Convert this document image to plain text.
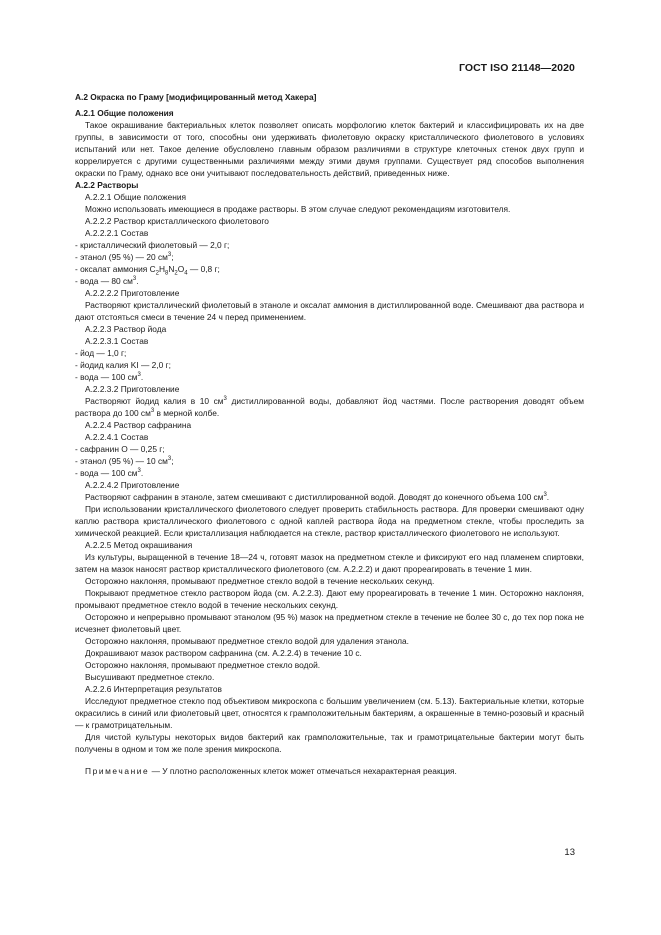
ГОСТ ISO 21148—2020
А.2 Окраска по Граму [модифицированный метод Хакера]
А.2.1 Общие положения

Такое окрашивание бактериальных клеток позволяет описать морфологию клеток бактерий и классифицировать их на две группы, в зависимости от того, способны они удерживать фиолетовую окраску кристаллического фиолетового в условиях испытаний или нет. Такое деление обусловлено главным образом различиями в структуре клеточных стенок двух групп и коррелируется с другими существенными различиями между этими двумя группами. Существует ряд способов выполнения окраски по Граму, однако все они учитывают последовательность действий, приведенных ниже.

А.2.2 Растворы

А.2.2.1 Общие положения

Можно использовать имеющиеся в продаже растворы. В этом случае следуют рекомендациям изготовителя.

А.2.2.2 Раствор кристаллического фиолетового

А.2.2.2.1 Состав

- кристаллический фиолетовый — 2,0 г;

- этанол (95 %) — 20 $см^3$;

- оксалат аммония $С_2Н_8N_2О_4$ — 0,8 г;

- вода — 80 $см^3$.

А.2.2.2.2 Приготовление

Растворяют кристаллический фиолетовый в этаноле и оксалат аммония в дистиллированной воде. Смешивают два раствора и дают отстояться смеси в течение 24 ч перед применением.

А.2.2.3 Раствор йода

А.2.2.3.1 Состав

- йод — 1,0 г;

- йодид калия KI — 2,0 г;

- вода — 100 $см^3$.

А.2.2.3.2 Приготовление

Растворяют йодид калия в 10 $см^3$ дистиллированной воды, добавляют йод частями. После растворения доводят объем раствора до 100 $см^3$ в мерной колбе.

А.2.2.4 Раствор сафранина

А.2.2.4.1 Состав

- сафранин О — 0,25 г;

- этанол (95 %) — 10 $см^3$;

- вода — 100 $см^3$.

А.2.2.4.2 Приготовление

Растворяют сафранин в этаноле, затем смешивают с дистиллированной водой. Доводят до конечного объема 100 $см^3$.

При использовании кристаллического фиолетового следует проверить стабильность раствора. Для проверки смешивают одну каплю раствора кристаллического фиолетового с одной каплей раствора йода на предметном стекле, чтобы проследить за химической реакцией. Если кристаллизация наблюдается на стекле, раствор кристаллического фиолетового не используют.

А.2.2.5 Метод окрашивания

Из культуры, выращенной в течение 18—24 ч, готовят мазок на предметном стекле и фиксируют его над пламенем спиртовки, затем на мазок наносят раствор кристаллического фиолетового (см. А.2.2.2) и дают прореагировать в течение 1 мин.

Осторожно наклоняя, промывают предметное стекло водой в течение нескольких секунд.

Покрывают предметное стекло раствором йода (см. А.2.2.3). Дают ему прореагировать в течение 1 мин. Осторожно наклоняя, промывают предметное стекло водой в течение нескольких секунд.

Осторожно и непрерывно промывают этанолом (95 %) мазок на предметном стекле в течение не более 30 с, до тех пор пока не исчезнет фиолетовый цвет.

Осторожно наклоняя, промывают предметное стекло водой для удаления этанола.

Докрашивают мазок раствором сафранина (см. А.2.2.4) в течение 10 с.

Осторожно наклоняя, промывают предметное стекло водой.

Высушивают предметное стекло.

А.2.2.6 Интерпретация результатов

Исследуют предметное стекло под объективом микроскопа с большим увеличением (см. 5.13). Бактериальные клетки, которые окрасились в синий или фиолетовый цвет, относятся к грамположительным бактериям, а окрашенные в темно-розовый и красный — к грамотрицательным.

Для чистой культуры некоторых видов бактерий как грамположительные, так и грамотрицательные бактерии могут быть получены в одном и том же поле зрения микроскопа.

Примечание — У плотно расположенных клеток может отмечаться нехарактерная реакция.

13
